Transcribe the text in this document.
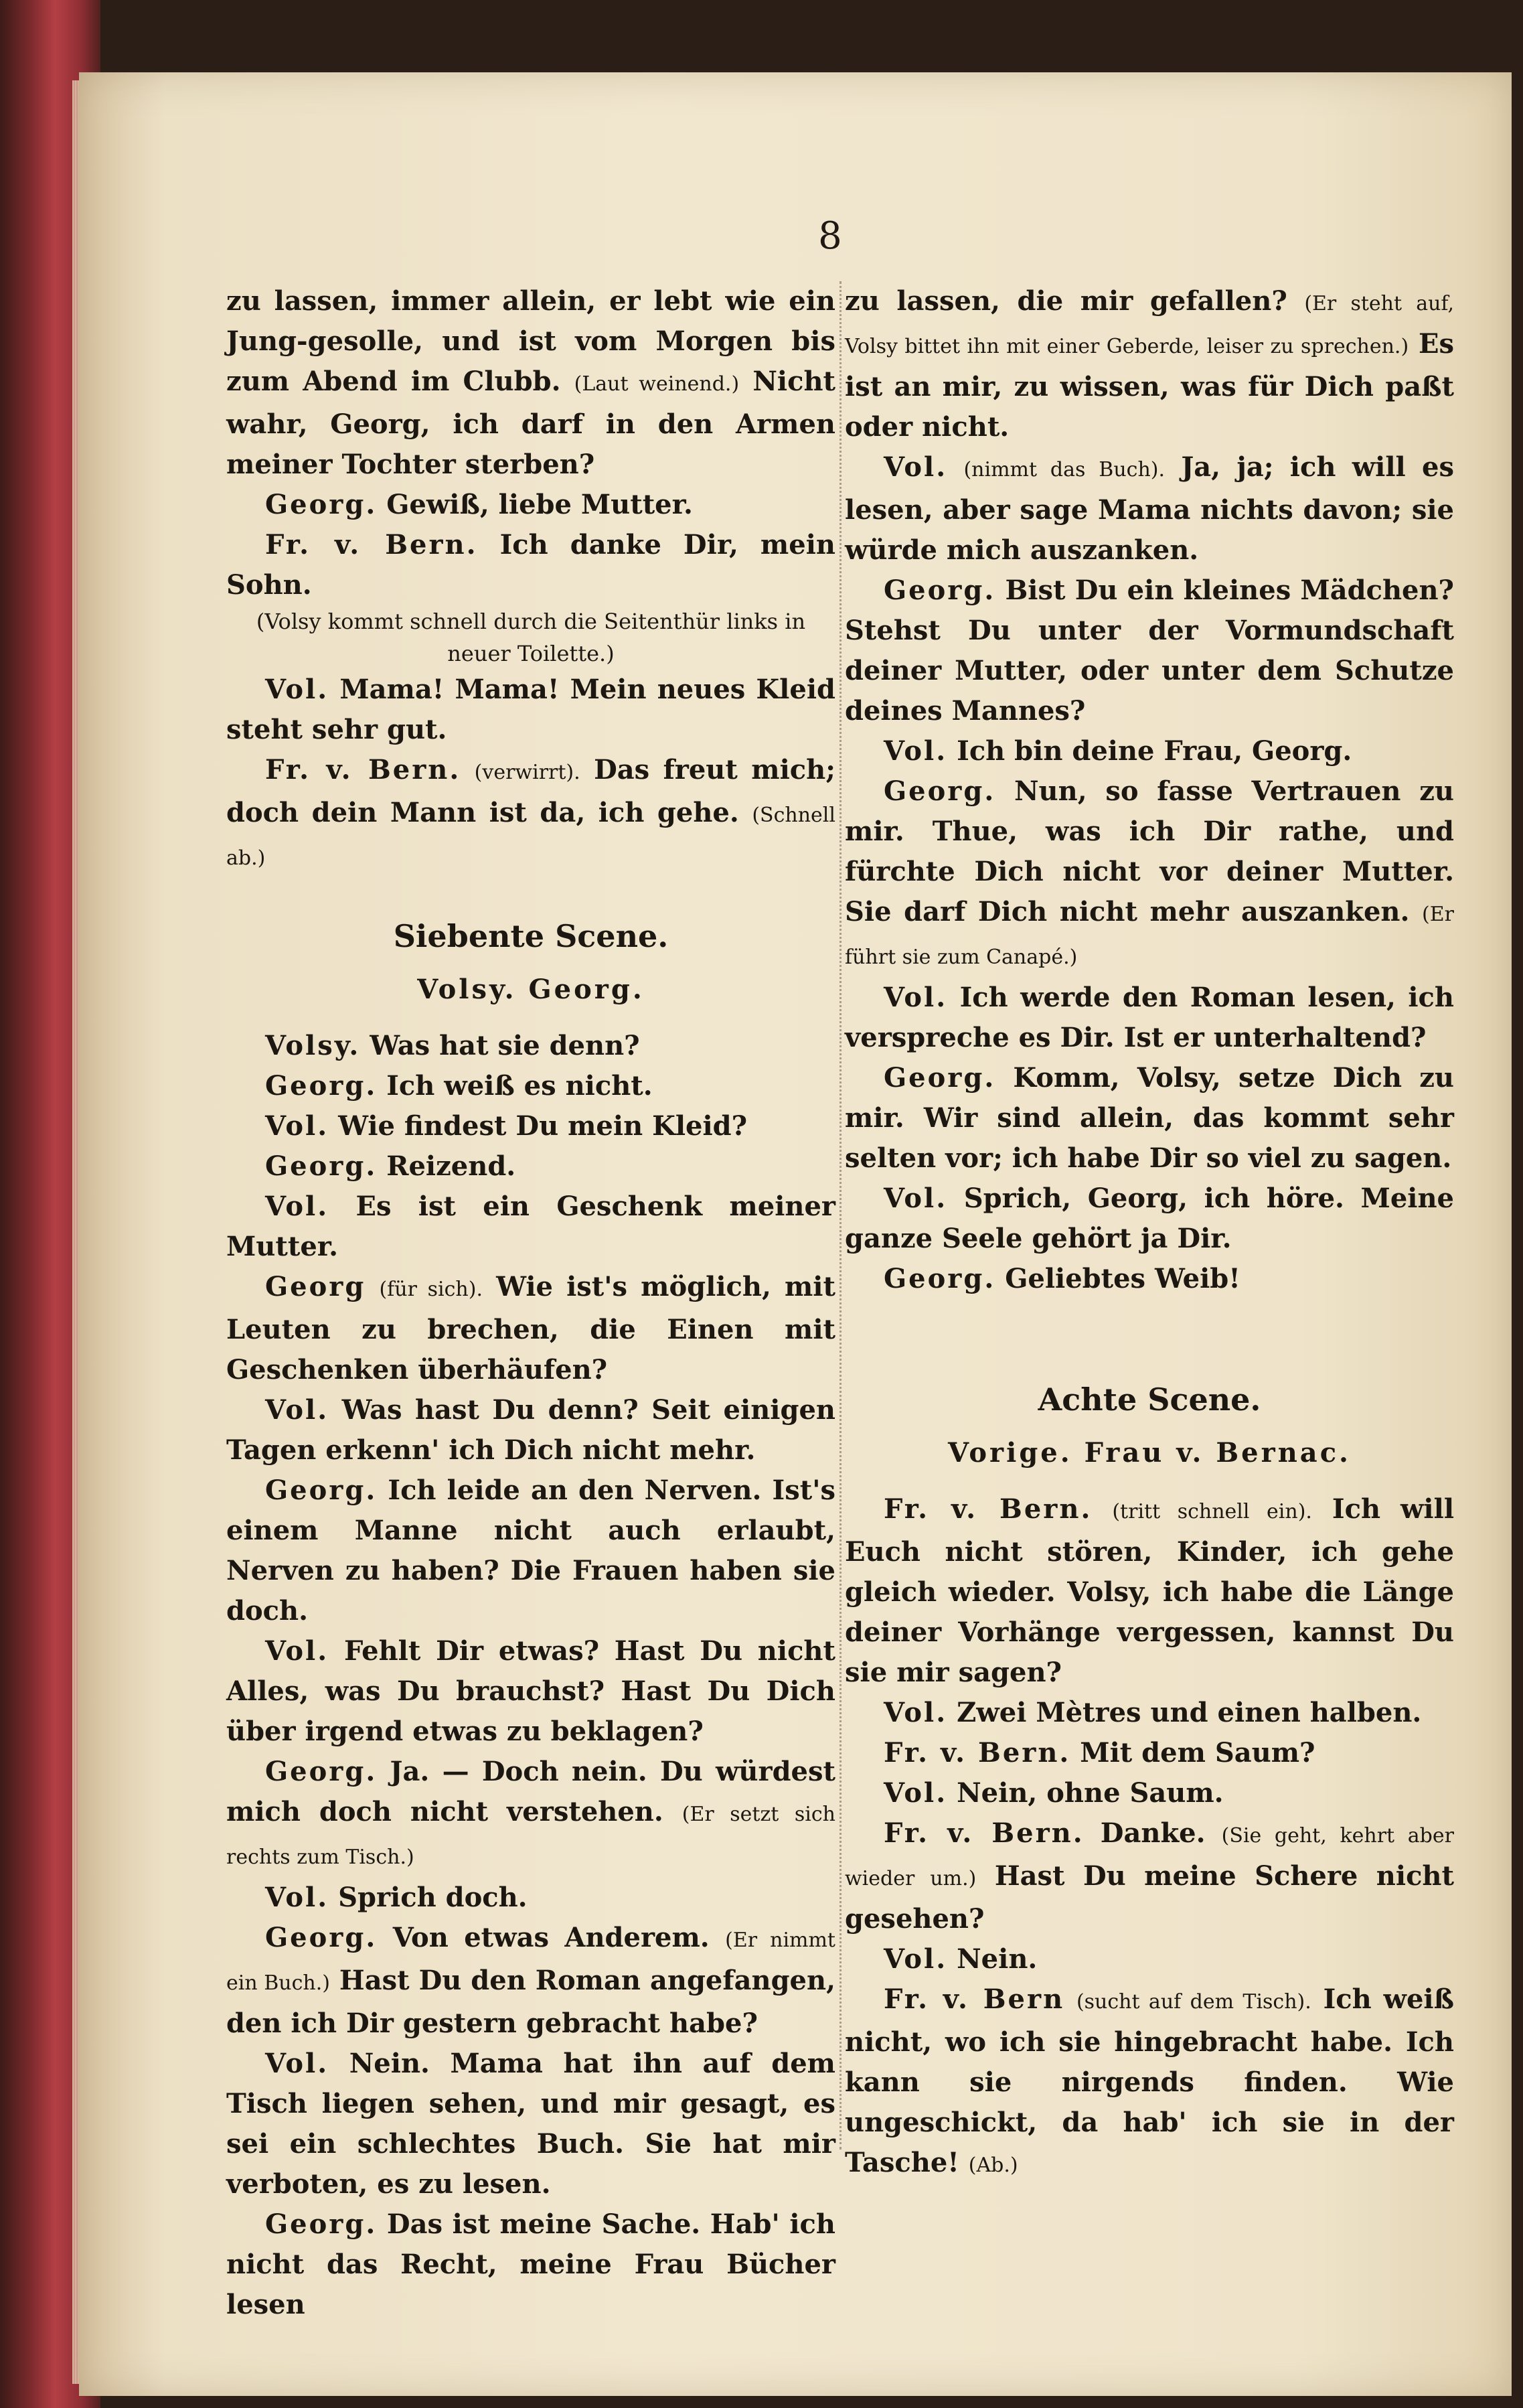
8

zu lassen, immer allein, er lebt wie ein Jung-gesolle, und ist vom Morgen bis zum Abend im Clubb. (Laut weinend.) Nicht wahr, Georg, ich darf in den Armen meiner Tochter sterben?

Georg. Gewiß, liebe Mutter.

Fr. v. Bern. Ich danke Dir, mein Sohn.

(Volsy kommt schnell durch die Seitenthür links in neuer Toilette.)

Vol. Mama! Mama! Mein neues Kleid steht sehr gut.

Fr. v. Bern. (verwirrt). Das freut mich; doch dein Mann ist da, ich gehe. (Schnell ab.)

Siebente Scene.

Volsy. Georg.

Volsy. Was hat sie denn?

Georg. Ich weiß es nicht.

Vol. Wie findest Du mein Kleid?

Georg. Reizend.

Vol. Es ist ein Geschenk meiner Mutter.

Georg (für sich). Wie ist's möglich, mit Leuten zu brechen, die Einen mit Geschenken überhäufen?

Vol. Was hast Du denn? Seit einigen Tagen erkenn' ich Dich nicht mehr.

Georg. Ich leide an den Nerven. Ist's einem Manne nicht auch erlaubt, Nerven zu haben? Die Frauen haben sie doch.

Vol. Fehlt Dir etwas? Hast Du nicht Alles, was Du brauchst? Hast Du Dich über irgend etwas zu beklagen?

Georg. Ja. — Doch nein. Du würdest mich doch nicht verstehen. (Er setzt sich rechts zum Tisch.)

Vol. Sprich doch.

Georg. Von etwas Anderem. (Er nimmt ein Buch.) Hast Du den Roman angefangen, den ich Dir gestern gebracht habe?

Vol. Nein. Mama hat ihn auf dem Tisch liegen sehen, und mir gesagt, es sei ein schlechtes Buch. Sie hat mir verboten, es zu lesen.

Georg. Das ist meine Sache. Hab' ich nicht das Recht, meine Frau Bücher lesen

zu lassen, die mir gefallen? (Er steht auf, Volsy bittet ihn mit einer Geberde, leiser zu sprechen.) Es ist an mir, zu wissen, was für Dich paßt oder nicht.

Vol. (nimmt das Buch). Ja, ja; ich will es lesen, aber sage Mama nichts davon; sie würde mich auszanken.

Georg. Bist Du ein kleines Mädchen? Stehst Du unter der Vormundschaft deiner Mutter, oder unter dem Schutze deines Mannes?

Vol. Ich bin deine Frau, Georg.

Georg. Nun, so fasse Vertrauen zu mir. Thue, was ich Dir rathe, und fürchte Dich nicht vor deiner Mutter. Sie darf Dich nicht mehr auszanken. (Er führt sie zum Canapé.)

Vol. Ich werde den Roman lesen, ich verspreche es Dir. Ist er unterhaltend?

Georg. Komm, Volsy, setze Dich zu mir. Wir sind allein, das kommt sehr selten vor; ich habe Dir so viel zu sagen.

Vol. Sprich, Georg, ich höre. Meine ganze Seele gehört ja Dir.

Georg. Geliebtes Weib!

Achte Scene.

Vorige. Frau v. Bernac.

Fr. v. Bern. (tritt schnell ein). Ich will Euch nicht stören, Kinder, ich gehe gleich wieder. Volsy, ich habe die Länge deiner Vorhänge vergessen, kannst Du sie mir sagen?

Vol. Zwei Mètres und einen halben.

Fr. v. Bern. Mit dem Saum?

Vol. Nein, ohne Saum.

Fr. v. Bern. Danke. (Sie geht, kehrt aber wieder um.) Hast Du meine Schere nicht gesehen?

Vol. Nein.

Fr. v. Bern (sucht auf dem Tisch). Ich weiß nicht, wo ich sie hingebracht habe. Ich kann sie nirgends finden. Wie ungeschickt, da hab' ich sie in der Tasche! (Ab.)
